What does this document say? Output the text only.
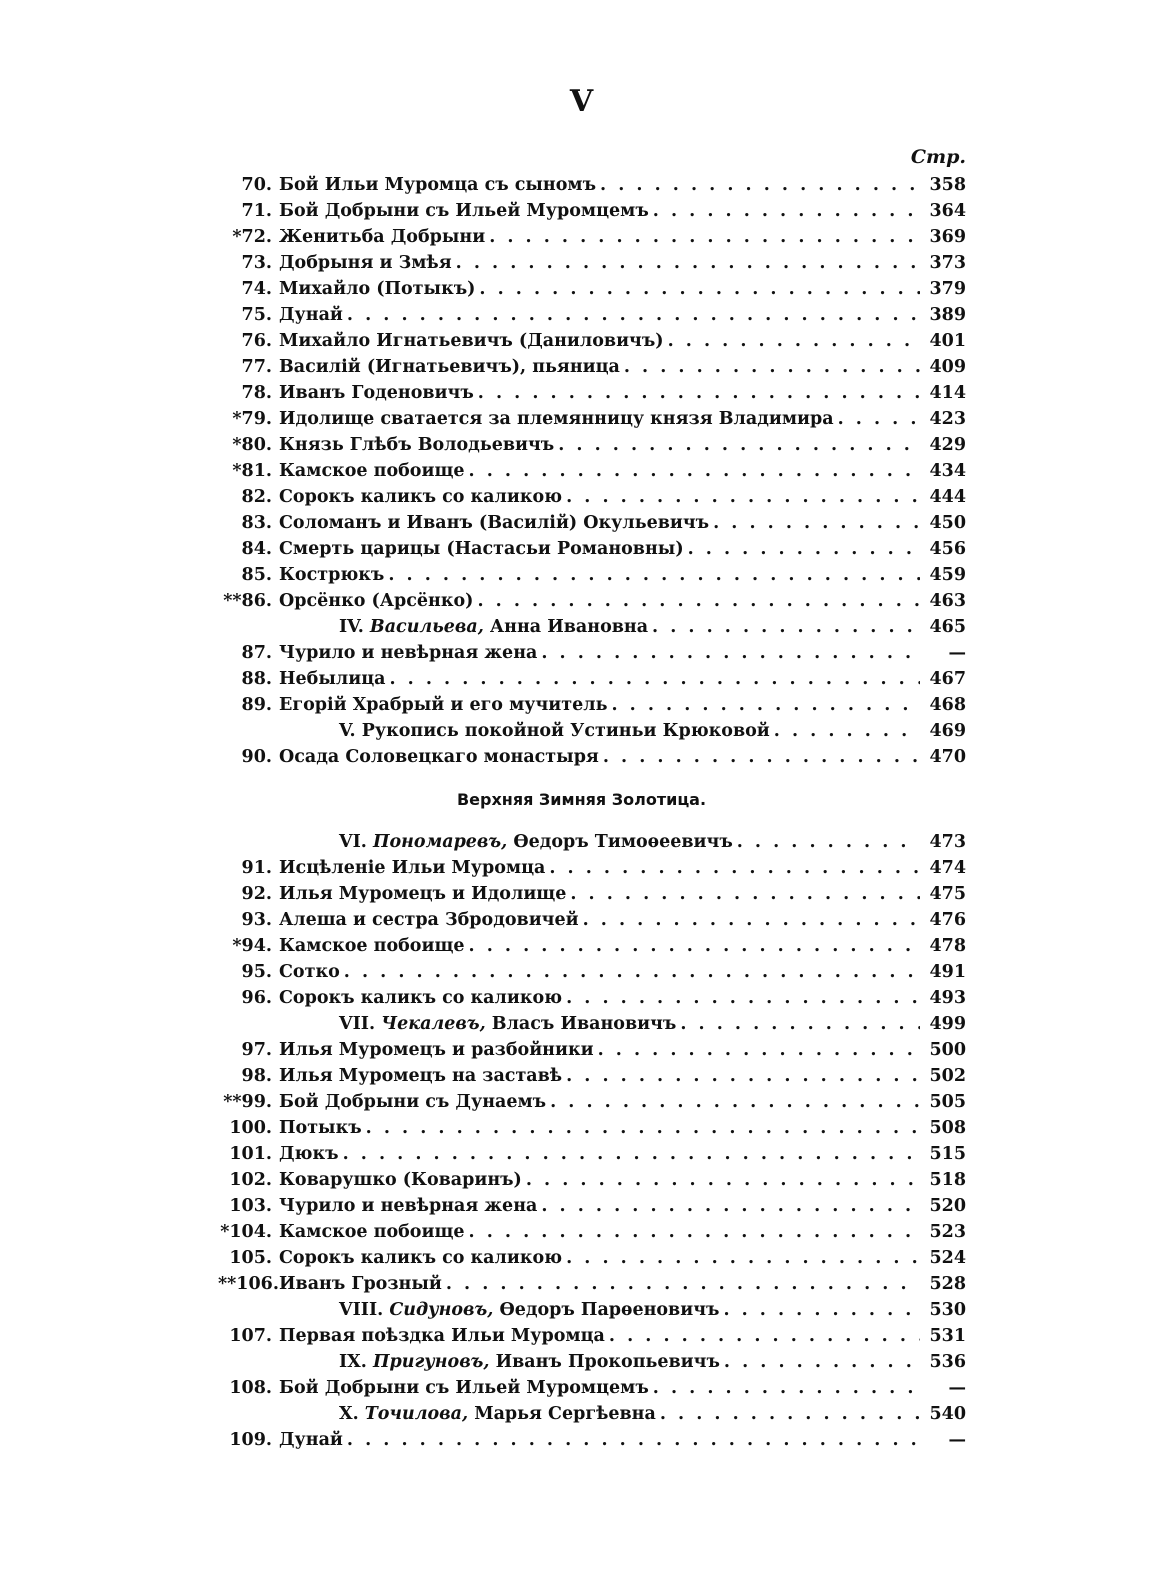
V
Стр.
70. Бой Ильи Муромца съ сыномъ . . .	358
71. Бой Добрыни съ Ильей Муромцемъ . . .	364
*72. Женитьба Добрыни . . .	369
73. Добрыня и Змѣя . . .	373
74. Михайло (Потыкъ) . . .	379
75. Дунай . . .	389
76. Михайло Игнатьевичъ (Даниловичъ) . . .	401
77. Василій (Игнатьевичъ), пьяница . . .	409
78. Иванъ Годеновичъ . . .	414
*79. Идолище сватается за племянницу князя Владимира . . .	423
*80. Князь Глѣбъ Володьевичъ . . .	429
*81. Камское побоище . . .	434
82. Сорокъ каликъ со каликою . . .	444
83. Соломанъ и Иванъ (Василій) Окульевичъ . . .	450
84. Смерть царицы (Настасьи Романовны) . . .	456
85. Кострюкъ . . .	459
**86. Орсёнко (Арсёнко) . . .	463
IV. Васильева, Анна Ивановна . . .	465
87. Чурило и невѣрная жена . . .	—
88. Небылица . . .	467
89. Егорій Храбрый и его мучитель . . .	468
V. Рукопись покойной Устиньи Крюковой . . .	469
90. Осада Соловецкаго монастыря . . .	470
Верхняя Зимняя Золотица.
VI. Пономаревъ, Өедоръ Тимоѳеевичъ . . .	473
91. Исцѣленіе Ильи Муромца . . .	474
92. Илья Муромецъ и Идолище . . .	475
93. Алеша и сестра Збродовичей . . .	476
*94. Камское побоище . . .	478
95. Сотко . . .	491
96. Сорокъ каликъ со каликою . . .	493
VII. Чекалевъ, Власъ Ивановичъ . . .	499
97. Илья Муромецъ и разбойники . . .	500
98. Илья Муромецъ на заставѣ . . .	502
**99. Бой Добрыни съ Дунаемъ . . .	505
100. Потыкъ . . .	508
101. Дюкъ . . .	515
102. Коварушко (Коваринъ) . . .	518
103. Чурило и невѣрная жена . . .	520
*104. Камское побоище . . .	523
105. Сорокъ каликъ со каликою . . .	524
**106. Иванъ Грозный . . .	528
VIII. Сидуновъ, Өедоръ Парѳеновичъ . . .	530
107. Первая поѣздка Ильи Муромца . . .	531
IX. Пригуновъ, Иванъ Прокопьевичъ . . .	536
108. Бой Добрыни съ Ильей Муромцемъ . . .	—
X. Точилова, Марья Сергѣевна . . .	540
109. Дунай . . .	—
